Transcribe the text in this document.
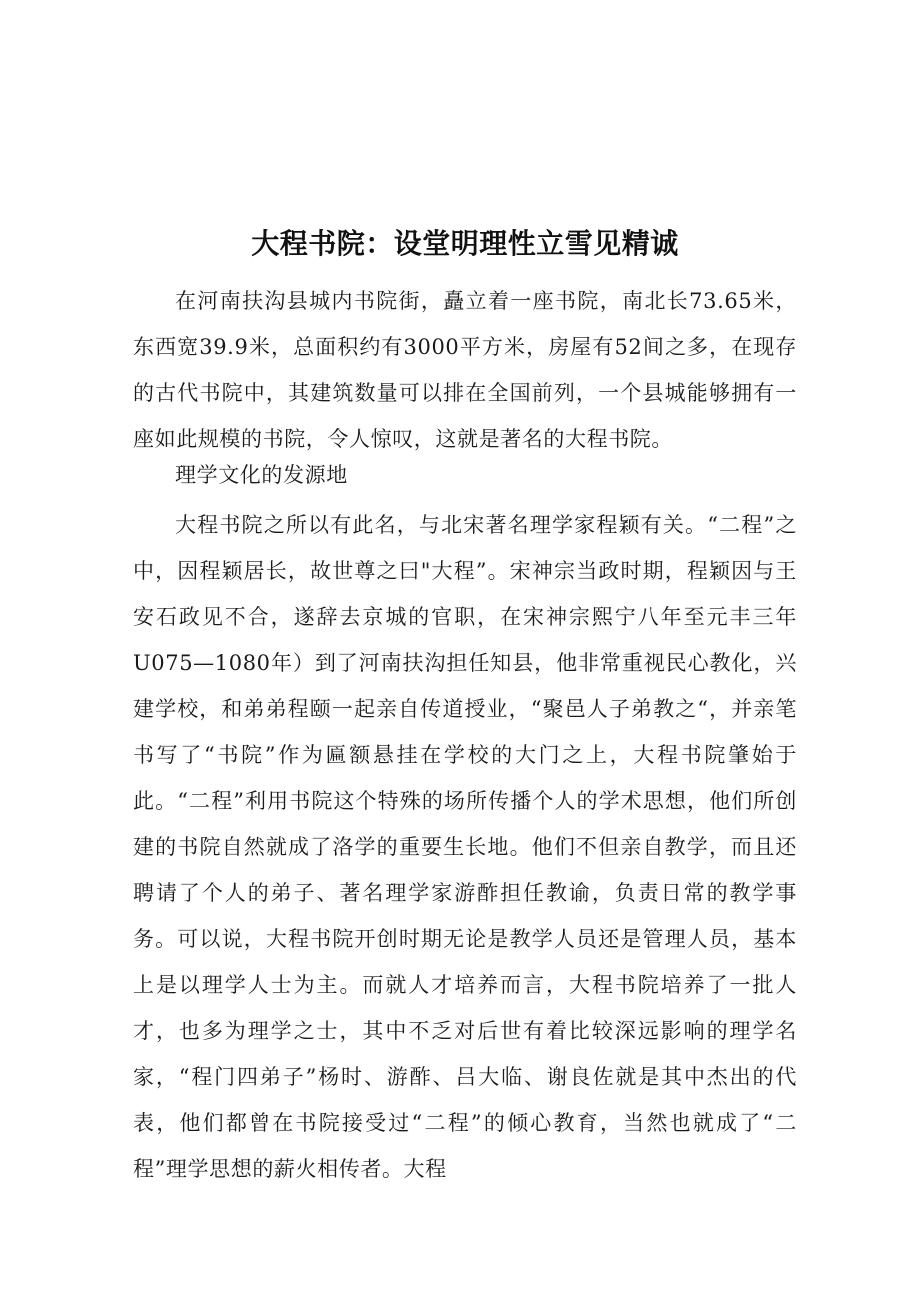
大程书院：设堂明理性立雪见精诚

在河南扶沟县城内书院街，矗立着一座书院，南北长73.65米，东西宽39.9米，总面积约有3000平方米，房屋有52间之多，在现存的古代书院中，其建筑数量可以排在全国前列，一个县城能够拥有一座如此规模的书院，令人惊叹，这就是著名的大程书院。

理学文化的发源地

大程书院之所以有此名，与北宋著名理学家程颖有关。“二程”之中，因程颖居长，故世尊之曰"大程”。宋神宗当政时期，程颖因与王安石政见不合，遂辞去京城的官职，在宋神宗熙宁八年至元丰三年U075—1080年）到了河南扶沟担任知县，他非常重视民心教化，兴建学校，和弟弟程颐一起亲自传道授业，“聚邑人子弟教之“，并亲笔书写了“书院”作为匾额悬挂在学校的大门之上，大程书院肇始于此。“二程”利用书院这个特殊的场所传播个人的学术思想，他们所创建的书院自然就成了洛学的重要生长地。他们不但亲自教学，而且还聘请了个人的弟子、著名理学家游酢担任教谕，负责日常的教学事务。可以说，大程书院开创时期无论是教学人员还是管理人员，基本上是以理学人士为主。而就人才培养而言，大程书院培养了一批人才，也多为理学之士，其中不乏对后世有着比较深远影响的理学名家，“程门四弟子”杨时、游酢、吕大临、谢良佐就是其中杰出的代表，他们都曾在书院接受过“二程”的倾心教育，当然也就成了“二程”理学思想的薪火相传者。大程
